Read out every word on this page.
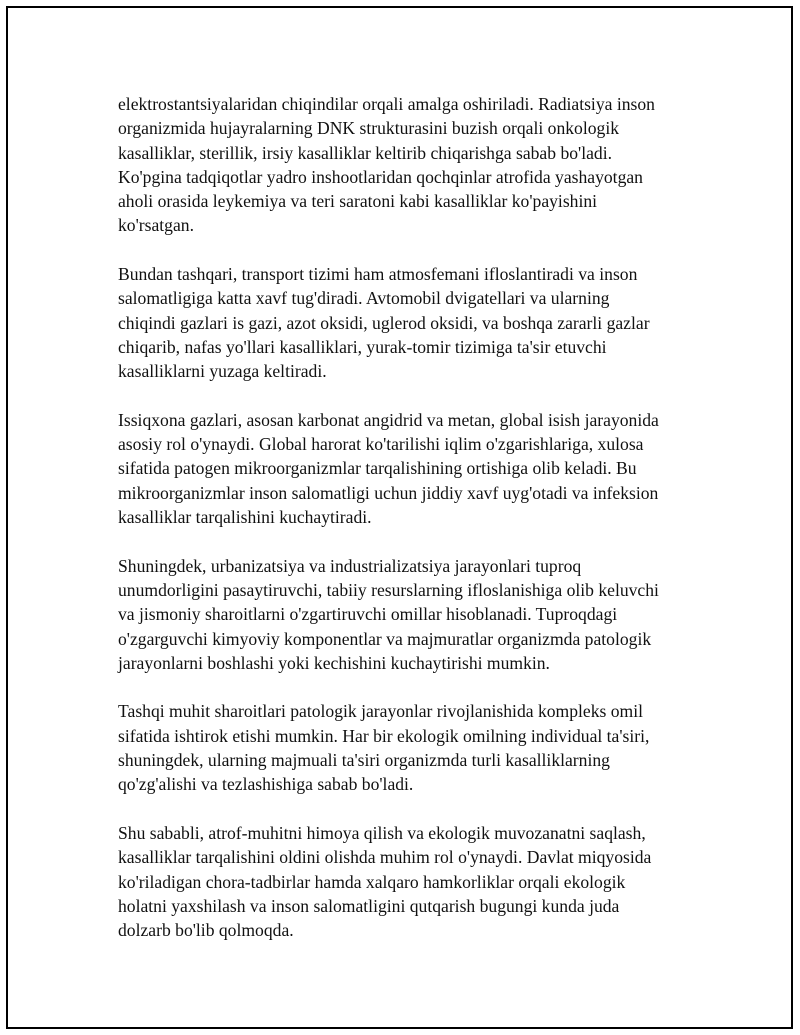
elektrostantsiyalaridan chiqindilar orqali amalga oshiriladi. Radiatsiya inson
organizmida hujayralarning DNK strukturasini buzish orqali onkologik
kasalliklar, sterillik, irsiy kasalliklar keltirib chiqarishga sabab bo'ladi.
Ko'pgina tadqiqotlar yadro inshootlaridan qochqinlar atrofida yashayotgan
aholi orasida leykemiya va teri saratoni kabi kasalliklar ko'payishini
ko'rsatgan.

Bundan tashqari, transport tizimi ham atmosfemani ifloslantiradi va inson
salomatligiga katta xavf tug'diradi. Avtomobil dvigatellari va ularning
chiqindi gazlari is gazi, azot oksidi, uglerod oksidi, va boshqa zararli gazlar
chiqarib, nafas yo'llari kasalliklari, yurak-tomir tizimiga ta'sir etuvchi
kasalliklarni yuzaga keltiradi.

Issiqxona gazlari, asosan karbonat angidrid va metan, global isish jarayonida
asosiy rol o'ynaydi. Global harorat ko'tarilishi iqlim o'zgarishlariga, xulosa
sifatida patogen mikroorganizmlar tarqalishining ortishiga olib keladi. Bu
mikroorganizmlar inson salomatligi uchun jiddiy xavf uyg'otadi va infeksion
kasalliklar tarqalishini kuchaytiradi.

Shuningdek, urbanizatsiya va industrializatsiya jarayonlari tuproq
unumdorligini pasaytiruvchi, tabiiy resurslarning ifloslanishiga olib keluvchi
va jismoniy sharoitlarni o'zgartiruvchi omillar hisoblanadi. Tuproqdagi
o'zgarguvchi kimyoviy komponentlar va majmuratlar organizmda patologik
jarayonlarni boshlashi yoki kechishini kuchaytirishi mumkin.

Tashqi muhit sharoitlari patologik jarayonlar rivojlanishida kompleks omil
sifatida ishtirok etishi mumkin. Har bir ekologik omilning individual ta'siri,
shuningdek, ularning majmuali ta'siri organizmda turli kasalliklarning
qo'zg'alishi va tezlashishiga sabab bo'ladi.

Shu sababli, atrof-muhitni himoya qilish va ekologik muvozanatni saqlash,
kasalliklar tarqalishini oldini olishda muhim rol o'ynaydi. Davlat miqyosida
ko'riladigan chora-tadbirlar hamda xalqaro hamkorliklar orqali ekologik
holatni yaxshilash va inson salomatligini qutqarish bugungi kunda juda
dolzarb bo'lib qolmoqda.
